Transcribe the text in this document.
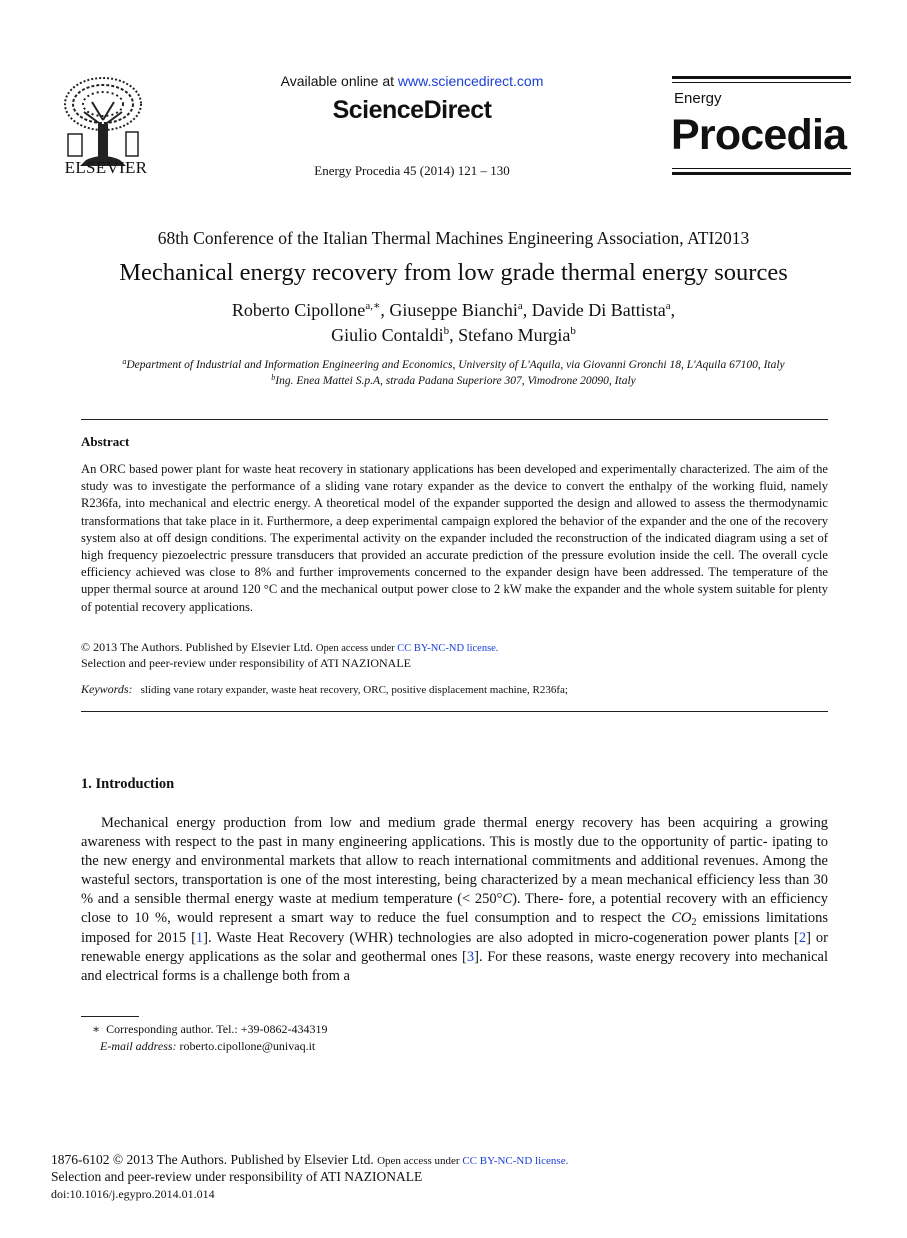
ELSEVIER
Available online at www.sciencedirect.com
ScienceDirect
Energy Procedia 45 (2014) 121 – 130
Energy
Procedia
68th Conference of the Italian Thermal Machines Engineering Association, ATI2013
Mechanical energy recovery from low grade thermal energy sources
Roberto Cipollone$^{a,∗}$, Giuseppe Bianchi$^a$, Davide Di Battista$^a$,
Giulio Contaldi$^b$, Stefano Murgia$^b$
$^a$Department of Industrial and Information Engineering and Economics, University of L'Aquila, via Giovanni Gronchi 18, L'Aquila 67100, Italy
$^b$Ing. Enea Mattei S.p.A, strada Padana Superiore 307, Vimodrone 20090, Italy
Abstract
An ORC based power plant for waste heat recovery in stationary applications has been developed and experimentally characterized. The aim of the study was to investigate the performance of a sliding vane rotary expander as the device to convert the enthalpy of the working fluid, namely R236fa, into mechanical and electric energy. A theoretical model of the expander supported the design and allowed to assess the thermodynamic transformations that take place in it. Furthermore, a deep experimental campaign explored the behavior of the expander and the one of the recovery system also at off design conditions. The experimental activity on the expander included the reconstruction of the indicated diagram using a set of high frequency piezoelectric pressure transducers that provided an accurate prediction of the pressure evolution inside the cell. The overall cycle efficiency achieved was close to 8% and further improvements concerned to the expander design have been addressed. The temperature of the upper thermal source at around 120 °C and the mechanical output power close to 2 kW make the expander and the whole system suitable for plenty of potential recovery applications.
© 2013 The Authors. Published by Elsevier Ltd. Open access under CC BY-NC-ND license.
Selection and peer-review under responsibility of ATI NAZIONALE
Keywords: sliding vane rotary expander, waste heat recovery, ORC, positive displacement machine, R236fa;
1. Introduction
Mechanical energy production from low and medium grade thermal energy recovery has been acquiring a growing awareness with respect to the past in many engineering applications. This is mostly due to the opportunity of partic- ipating to the new energy and environmental markets that allow to reach international commitments and additional revenues. Among the wasteful sectors, transportation is one of the most interesting, being characterized by a mean mechanical efficiency less than 30 % and a sensible thermal energy waste at medium temperature (< 250°C). There- fore, a potential recovery with an efficiency close to 10 %, would represent a smart way to reduce the fuel consumption and to respect the $CO_2$ emissions limitations imposed for 2015 [1]. Waste Heat Recovery (WHR) technologies are also adopted in micro-cogeneration power plants [2] or renewable energy applications as the solar and geothermal ones [3]. For these reasons, waste energy recovery into mechanical and electrical forms is a challenge both from a
∗ Corresponding author. Tel.: +39-0862-434319
E-mail address: roberto.cipollone@univaq.it
1876-6102 © 2013 The Authors. Published by Elsevier Ltd. Open access under CC BY-NC-ND license.
Selection and peer-review under responsibility of ATI NAZIONALE
doi:10.1016/j.egypro.2014.01.014
